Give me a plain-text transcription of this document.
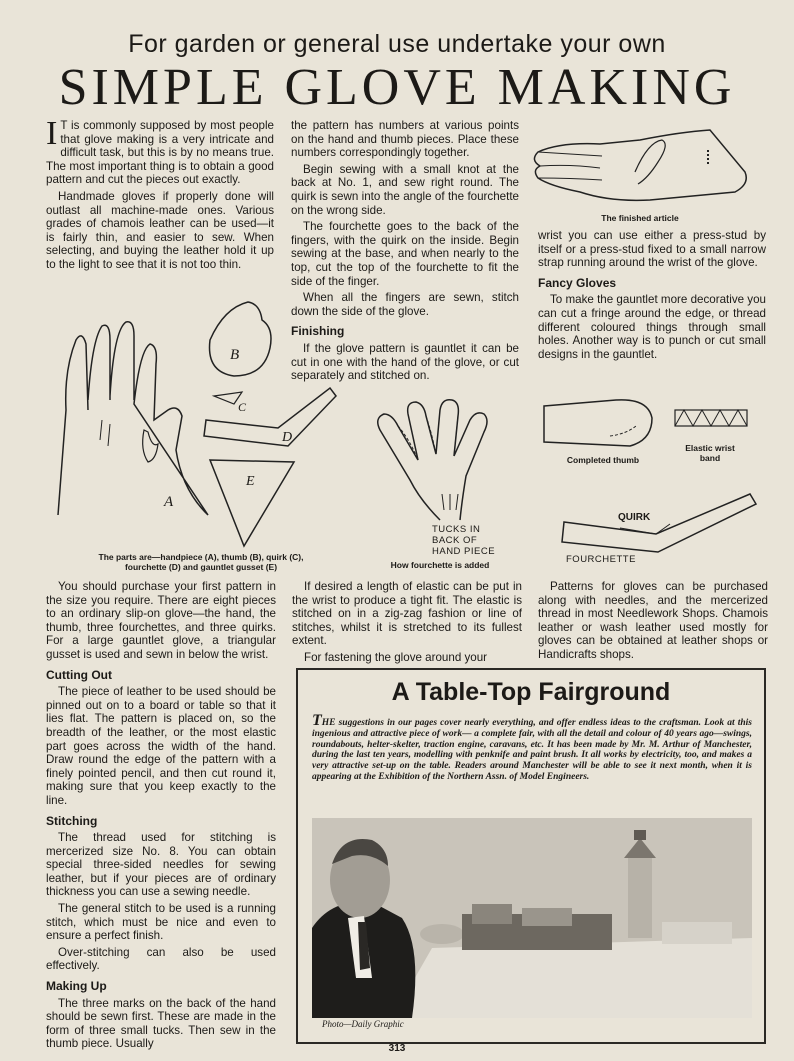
For garden or general use undertake your own
SIMPLE GLOVE MAKING

I T is commonly supposed by most people that glove making is a very intricate and difficult task, but this is by no means true. The most important thing is to obtain a good pattern and cut the pieces out exactly.

Handmade gloves if properly done will outlast all machine-made ones. Various grades of chamois leather can be used—it is fairly thin, and easier to sew. When selecting, and buying the leather hold it up to the light to see that it is not too thin.

the pattern has numbers at various points on the hand and thumb pieces. Place these numbers correspondingly together.

Begin sewing with a small knot at the back at No. 1, and sew right round. The quirk is sewn into the angle of the fourchette on the wrong side.

The fourchette goes to the back of the fingers, with the quirk on the inside. Begin sewing at the base, and when nearly to the top, cut the top of the fourchette to fit the side of the finger.

When all the fingers are sewn, stitch down the side of the glove.

Finishing

If the glove pattern is gauntlet it can be cut in one with the hand of the glove, or cut separately and stitched on.

The finished article

wrist you can use either a press-stud by itself or a press-stud fixed to a small narrow strap running around the wrist of the glove.

Fancy Gloves

To make the gauntlet more decorative you can cut a fringe around the edge, or thread different coloured things through small holes. Another way is to punch or cut small designs in the gauntlet.

A
B
C
D
E
The parts are—handpiece (A), thumb (B), quirk (C),
fourchette (D) and gauntlet gusset (E)
TUCKS IN
BACK OF
HAND PIECE
How fourchette is added
Completed thumb
Elastic wrist
band
QUIRK
FOURCHETTE

You should purchase your first pattern in the size you require. There are eight pieces to an ordinary slip-on glove—the hand, the thumb, three fourchettes, and three quirks. For a large gauntlet glove, a triangular gusset is used and sewn in below the wrist.

Cutting Out

The piece of leather to be used should be pinned out on to a board or table so that it lies flat. The pattern is placed on, so the breadth of the leather, or the most elastic part goes across the width of the hand. Draw round the edge of the pattern with a finely pointed pencil, and then cut round it, making sure that you keep exactly to the line.

Stitching

The thread used for stitching is mercerized size No. 8. You can obtain special three-sided needles for sewing leather, but if your pieces are of ordinary thickness you can use a sewing needle.

The general stitch to be used is a running stitch, which must be nice and even to ensure a perfect finish.

Over-stitching can also be used effectively.

Making Up

The three marks on the back of the hand should be sewn first. These are made in the form of three small tucks. Then sew in the thumb piece. Usually

If desired a length of elastic can be put in the wrist to produce a tight fit. The elastic is stitched on in a zig-zag fashion or line of stitches, whilst it is stretched to its fullest extent.

For fastening the glove around your

Patterns for gloves can be purchased along with needles, and the mercerized thread in most Needlework Shops. Chamois leather or wash leather used mostly for gloves can be obtained at leather shops or Handicrafts shops.

A Table-Top Fairground
THE suggestions in our pages cover nearly everything, and offer endless ideas to the craftsman. Look at this ingenious and attractive piece of work— a complete fair, with all the detail and colour of 40 years ago—swings, roundabouts, helter-skelter, traction engine, caravans, etc. It has been made by Mr. M. Arthur of Manchester, during the last ten years, modelling with penknife and paint brush. It all works by electricity, too, and makes a very attractive set-up on the table. Readers around Manchester will be able to see it next month, when it is appearing at the Exhibition of the Northern Assn. of Model Engineers.
Photo—Daily Graphic
313
